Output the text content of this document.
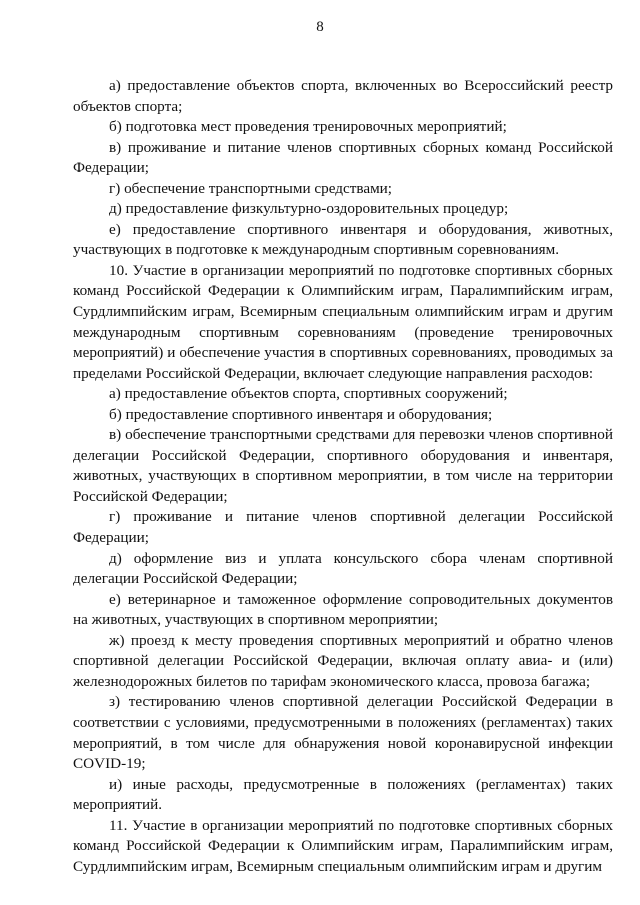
8

а) предоставление объектов спорта, включенных во Всероссийский реестр объектов спорта;

б) подготовка мест проведения тренировочных мероприятий;

в) проживание и питание членов спортивных сборных команд Российской Федерации;

г) обеспечение транспортными средствами;

д) предоставление физкультурно-оздоровительных процедур;

е) предоставление спортивного инвентаря и оборудования, животных, участвующих в подготовке к международным спортивным соревнованиям.

10. Участие в организации мероприятий по подготовке спортивных сборных команд Российской Федерации к Олимпийским играм, Паралимпийским играм, Сурдлимпийским играм, Всемирным специальным олимпийским играм и другим международным спортивным соревнованиям (проведение тренировочных мероприятий) и обеспечение участия в спортивных соревнованиях, проводимых за пределами Российской Федерации, включает следующие направления расходов:

а) предоставление объектов спорта, спортивных сооружений;

б) предоставление спортивного инвентаря и оборудования;

в) обеспечение транспортными средствами для перевозки членов спортивной делегации Российской Федерации, спортивного оборудования и инвентаря, животных, участвующих в спортивном мероприятии, в том числе на территории Российской Федерации;

г) проживание и питание членов спортивной делегации Российской Федерации;

д) оформление виз и уплата консульского сбора членам спортивной делегации Российской Федерации;

е) ветеринарное и таможенное оформление сопроводительных документов на животных, участвующих в спортивном мероприятии;

ж) проезд к месту проведения спортивных мероприятий и обратно членов спортивной делегации Российской Федерации, включая оплату авиа- и (или) железнодорожных билетов по тарифам экономического класса, провоза багажа;

з) тестированию членов спортивной делегации Российской Федерации в соответствии с условиями, предусмотренными в положениях (регламентах) таких мероприятий, в том числе для обнаружения новой коронавирусной инфекции COVID-19;

и) иные расходы, предусмотренные в положениях (регламентах) таких мероприятий.

11. Участие в организации мероприятий по подготовке спортивных сборных команд Российской Федерации к Олимпийским играм, Паралимпийским играм, Сурдлимпийским играм, Всемирным специальным олимпийским играм и другим
